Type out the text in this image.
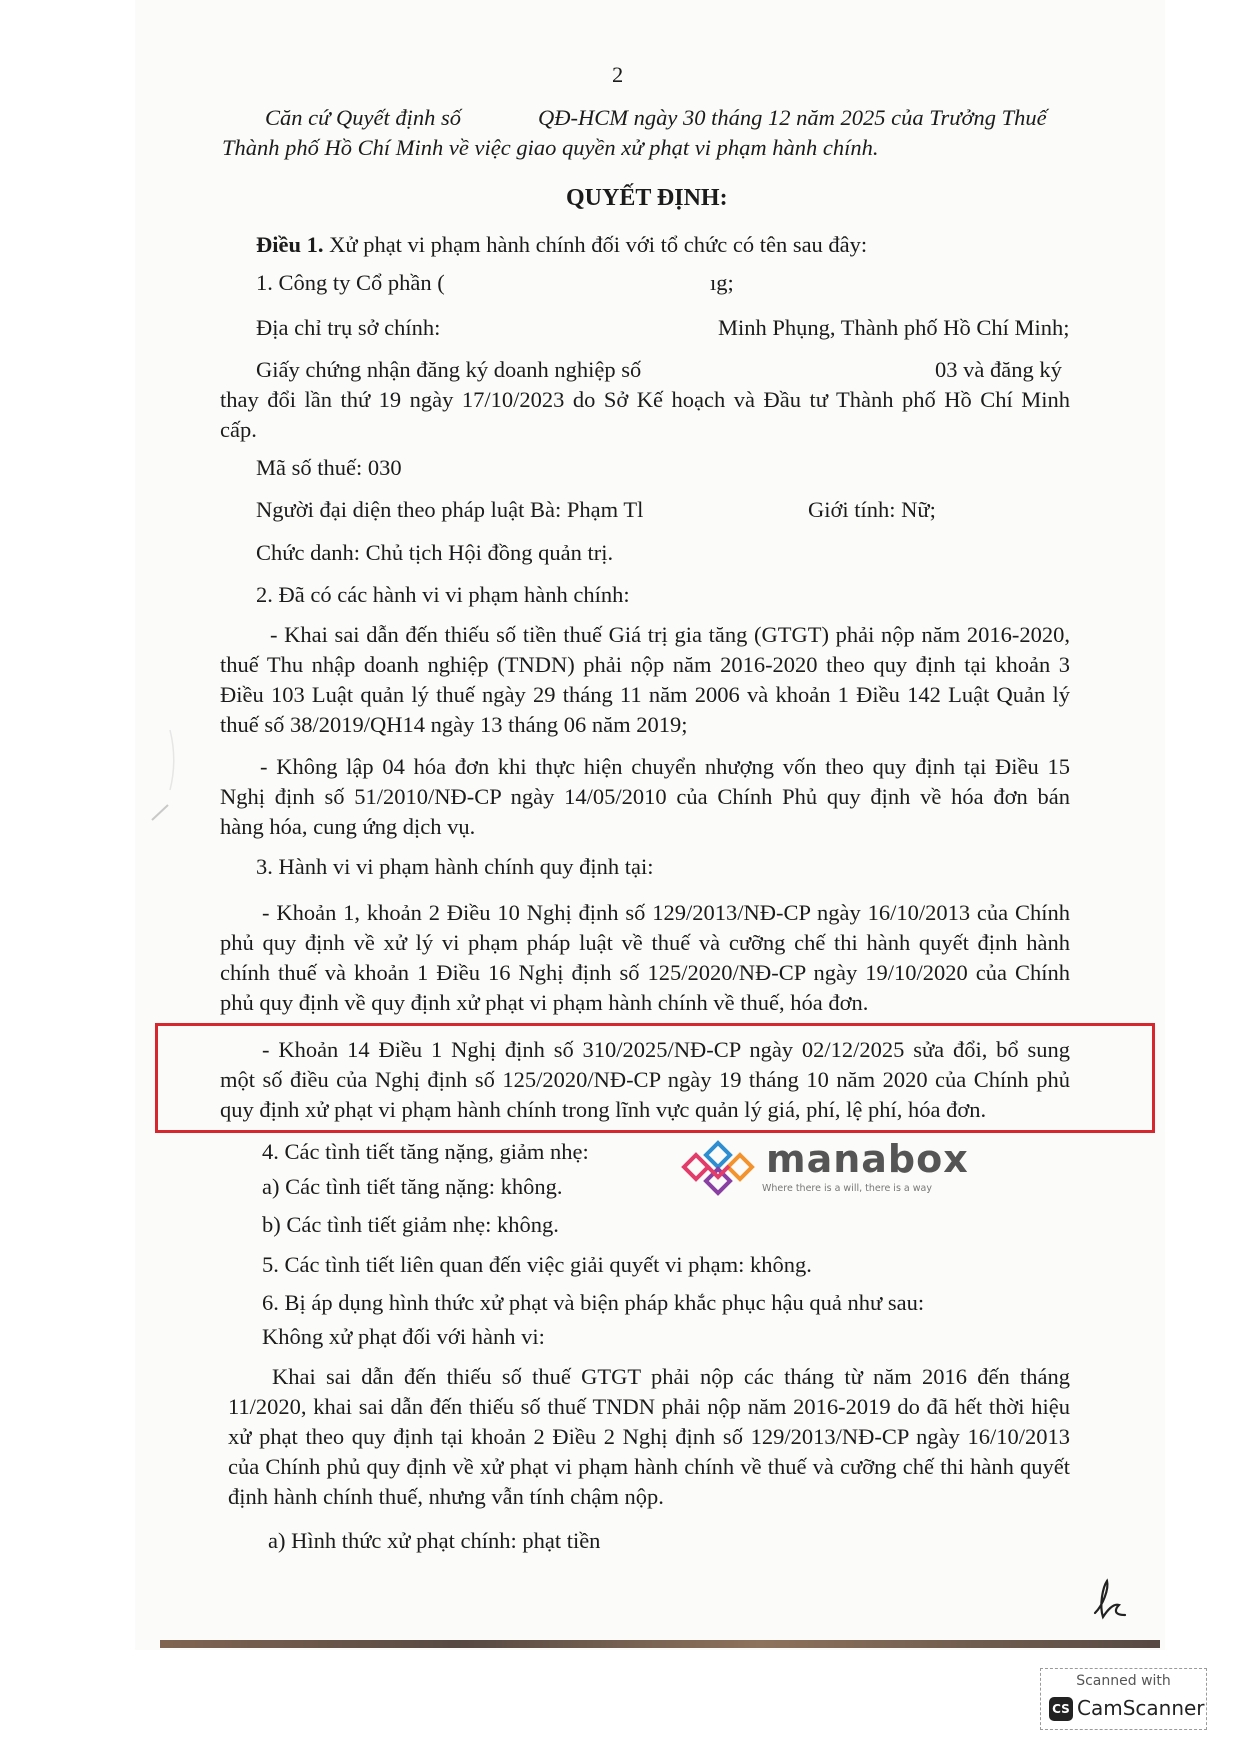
2
Căn cứ Quyết định số	QĐ-HCM ngày 30 tháng 12 năm 2025 của Trưởng Thuế
Thành phố Hồ Chí Minh về việc giao quyền xử phạt vi phạm hành chính.
QUYẾT ĐỊNH:
Điều 1. Xử phạt vi phạm hành chính đối với tổ chức có tên sau đây:
1. Công ty Cổ phần (	ıg;
Địa chỉ trụ sở chính:	Minh Phụng, Thành phố Hồ Chí Minh;
Giấy chứng nhận đăng ký doanh nghiệp số	03 và đăng ký
thay đổi lần thứ 19 ngày 17/10/2023 do Sở Kế hoạch và Đầu tư Thành phố Hồ Chí Minh
cấp.
Mã số thuế: 030
Người đại diện theo pháp luật Bà: Phạm Tl	Giới tính: Nữ;
Chức danh: Chủ tịch Hội đồng quản trị.
2. Đã có các hành vi vi phạm hành chính:
- Khai sai dẫn đến thiếu số tiền thuế Giá trị gia tăng (GTGT) phải nộp năm 2016-2020,
thuế Thu nhập doanh nghiệp (TNDN) phải nộp năm 2016-2020 theo quy định tại khoản 3
Điều 103 Luật quản lý thuế ngày 29 tháng 11 năm 2006 và khoản 1 Điều 142 Luật Quản lý
thuế số 38/2019/QH14 ngày 13 tháng 06 năm 2019;
- Không lập 04 hóa đơn khi thực hiện chuyển nhượng vốn theo quy định tại Điều 15
Nghị định số 51/2010/NĐ-CP ngày 14/05/2010 của Chính Phủ quy định về hóa đơn bán
hàng hóa, cung ứng dịch vụ.
3. Hành vi vi phạm hành chính quy định tại:
- Khoản 1, khoản 2 Điều 10 Nghị định số 129/2013/NĐ-CP ngày 16/10/2013 của Chính
phủ quy định về xử lý vi phạm pháp luật về thuế và cưỡng chế thi hành quyết định hành
chính thuế và khoản 1 Điều 16 Nghị định số 125/2020/NĐ-CP ngày 19/10/2020 của Chính
phủ quy định về quy định xử phạt vi phạm hành chính về thuế, hóa đơn.
- Khoản 14 Điều 1 Nghị định số 310/2025/NĐ-CP ngày 02/12/2025 sửa đổi, bổ sung
một số điều của Nghị định số 125/2020/NĐ-CP ngày 19 tháng 10 năm 2020 của Chính phủ
quy định xử phạt vi phạm hành chính trong lĩnh vực quản lý giá, phí, lệ phí, hóa đơn.
4. Các tình tiết tăng nặng, giảm nhẹ:
a) Các tình tiết tăng nặng: không.
b) Các tình tiết giảm nhẹ: không.
manabox
Where there is a will, there is a way
5. Các tình tiết liên quan đến việc giải quyết vi phạm: không.
6. Bị áp dụng hình thức xử phạt và biện pháp khắc phục hậu quả như sau:
Không xử phạt đối với hành vi:
Khai sai dẫn đến thiếu số thuế GTGT phải nộp các tháng từ năm 2016 đến tháng
11/2020, khai sai dẫn đến thiếu số thuế TNDN phải nộp năm 2016-2019 do đã hết thời hiệu
xử phạt theo quy định tại khoản 2 Điều 2 Nghị định số 129/2013/NĐ-CP ngày 16/10/2013
của Chính phủ quy định về xử phạt vi phạm hành chính về thuế và cưỡng chế thi hành quyết
định hành chính thuế, nhưng vẫn tính chậm nộp.
a) Hình thức xử phạt chính: phạt tiền
Scanned with
CS CamScanner
